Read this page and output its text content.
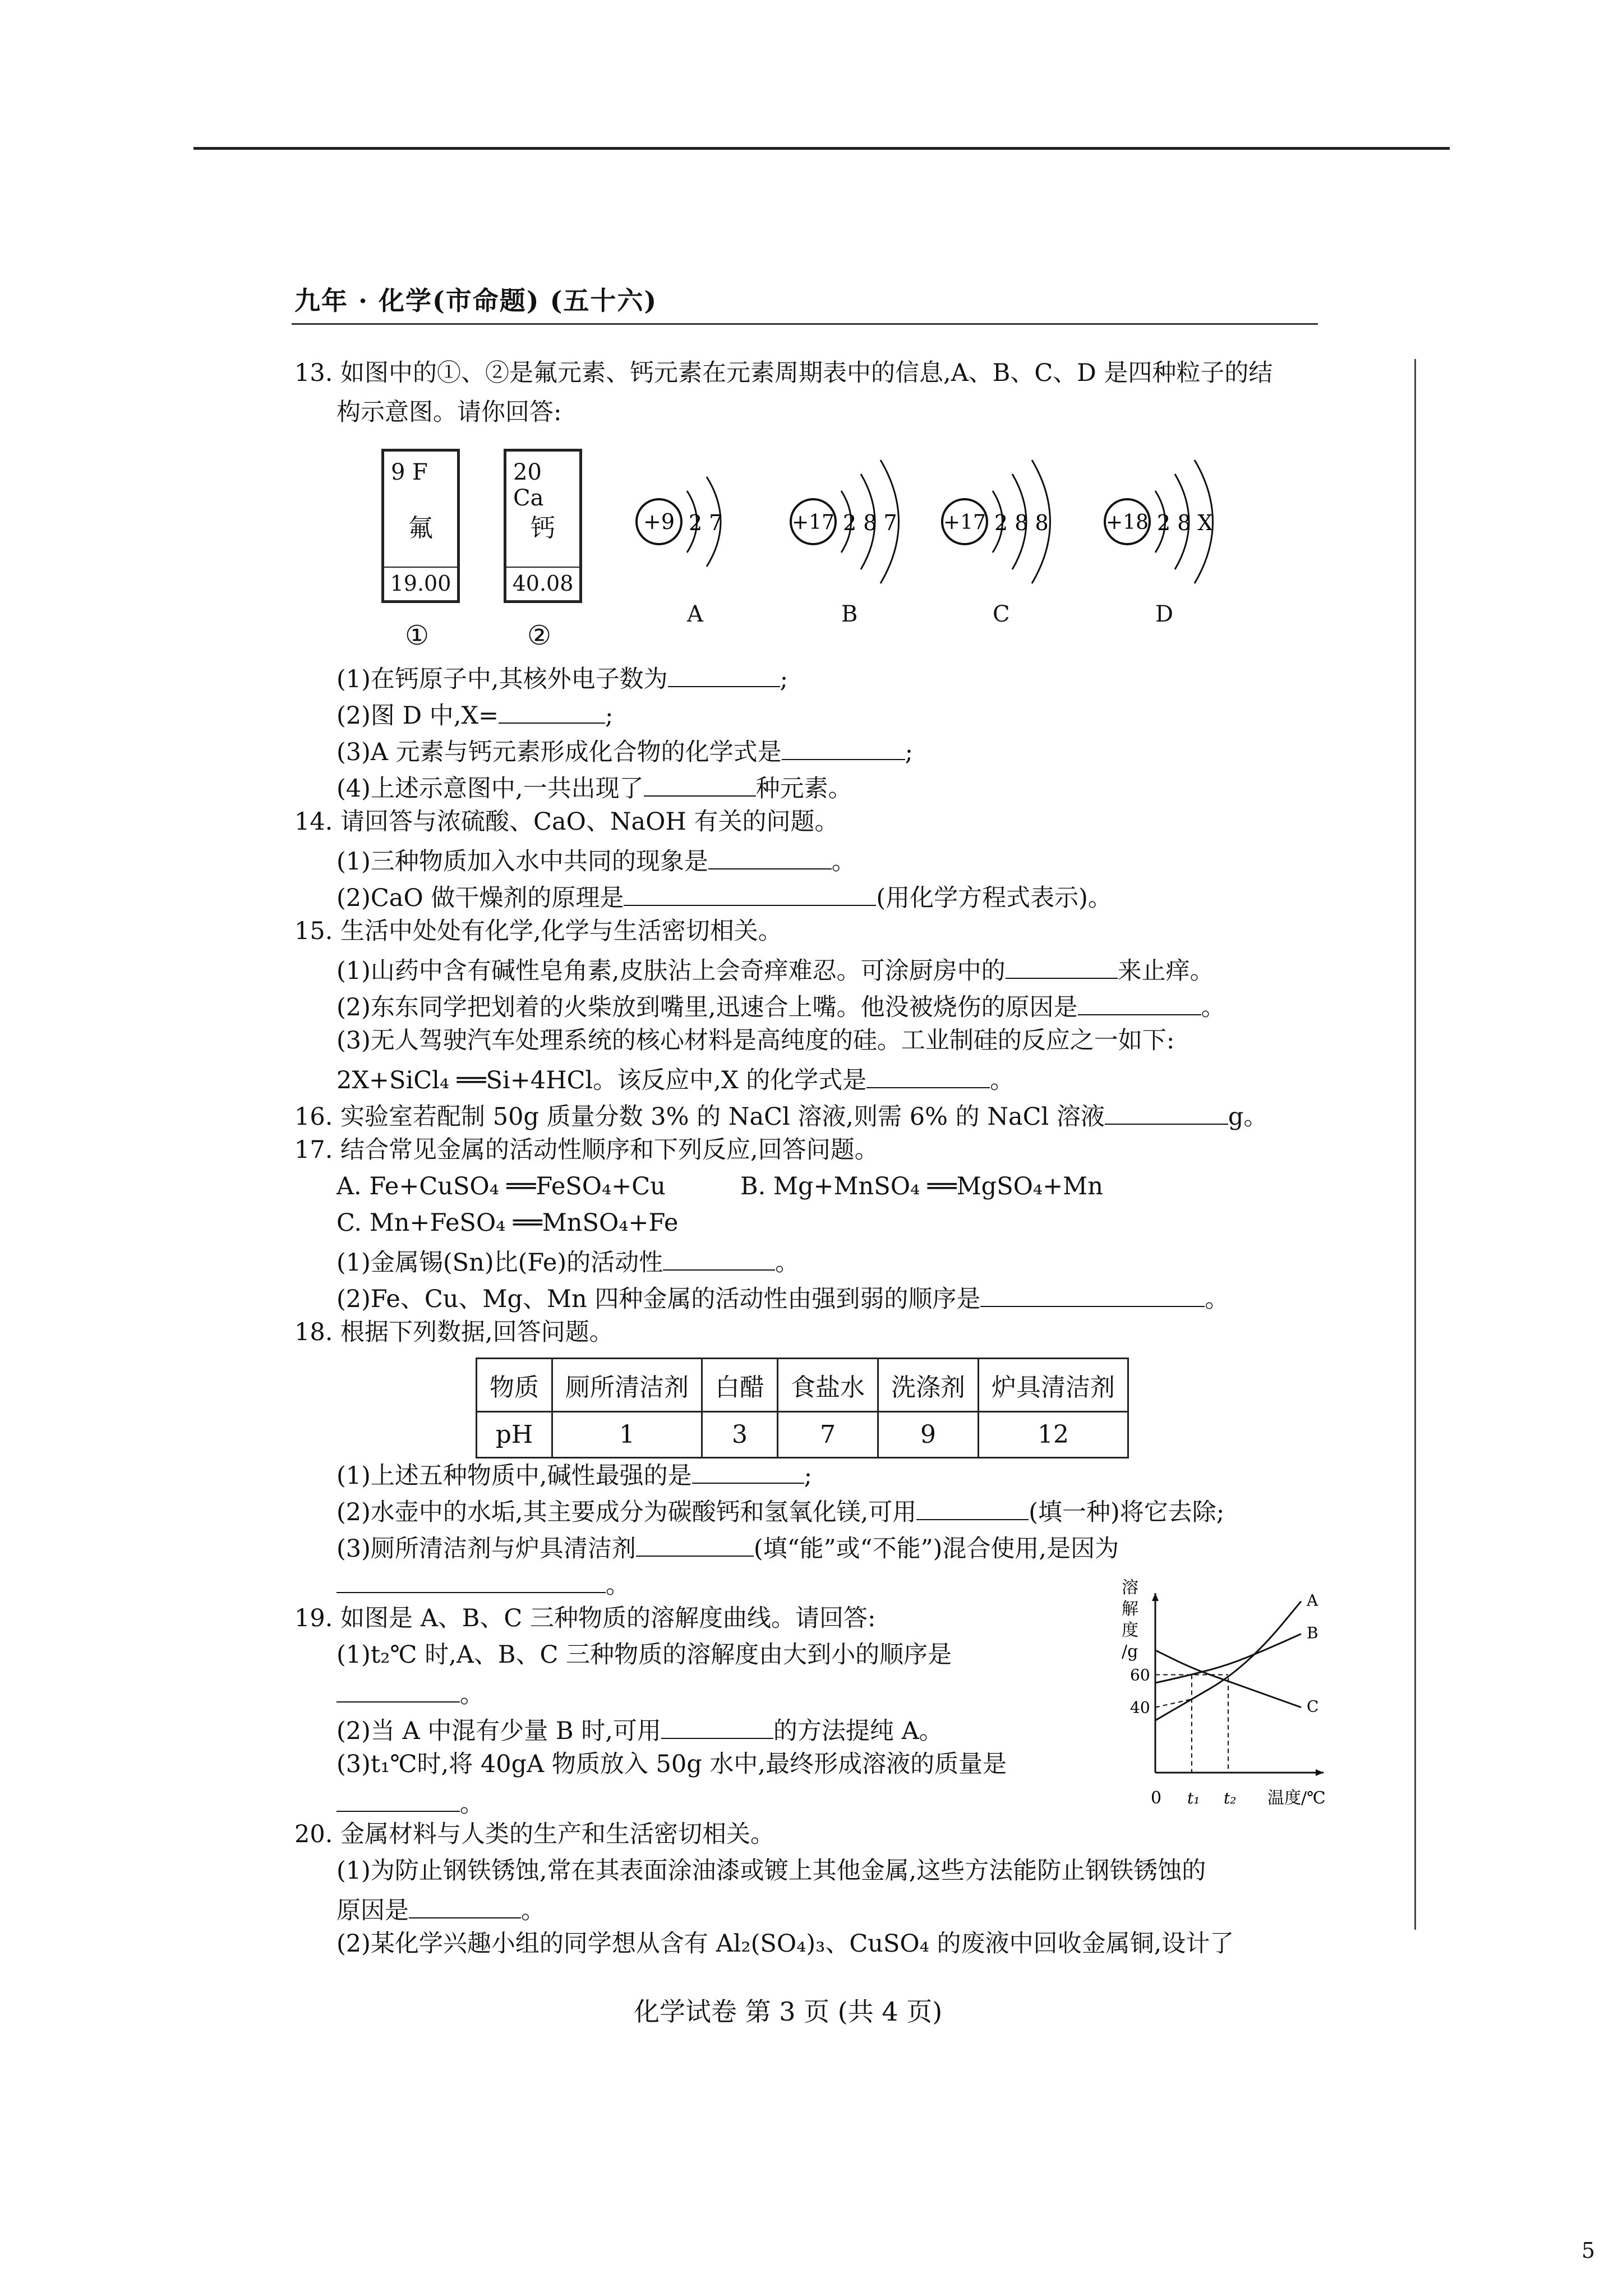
九年 · 化学(市命题) (五十六)
13. 如图中的①、②是氟元素、钙元素在元素周期表中的信息,A、B、C、D 是四种粒子的结
构示意图。请你回答:
9 F
氟
19.00
①
20 Ca
钙
40.08
②
+9 2 7	+17 2 8 7 +17 2 8 8	+18 2 8 X
A	B	C	D
(1)在钙原子中,其核外电子数为	;
(2)图 D 中,X=	;
(3)A 元素与钙元素形成化合物的化学式是	;
(4)上述示意图中,一共出现了	种元素。
14. 请回答与浓硫酸、CaO、NaOH 有关的问题。
(1)三种物质加入水中共同的现象是	。
(2)CaO 做干燥剂的原理是	(用化学方程式表示)。
15. 生活中处处有化学,化学与生活密切相关。
(1)山药中含有碱性皂角素,皮肤沾上会奇痒难忍。可涂厨房中的	来止痒。
(2)东东同学把划着的火柴放到嘴里,迅速合上嘴。他没被烧伤的原因是	。
(3)无人驾驶汽车处理系统的核心材料是高纯度的硅。工业制硅的反应之一如下:
2X+SiCl₄ ══Si+4HCl。该反应中,X 的化学式是	。
16. 实验室若配制 50g 质量分数 3% 的 NaCl 溶液,则需 6% 的 NaCl 溶液	g。
17. 结合常见金属的活动性顺序和下列反应,回答问题。
A. Fe+CuSO₄ ══FeSO₄+Cu	B. Mg+MnSO₄ ══MgSO₄+Mn
C. Mn+FeSO₄ ══MnSO₄+Fe
(1)金属锡(Sn)比(Fe)的活动性	。
(2)Fe、Cu、Mg、Mn 四种金属的活动性由强到弱的顺序是	。
18. 根据下列数据,回答问题。
物质	厕所清洁剂	白醋	食盐水	洗涤剂	炉具清洁剂
pH	1	3	7	9	12
(1)上述五种物质中,碱性最强的是	;
(2)水壶中的水垢,其主要成分为碳酸钙和氢氧化镁,可用	(填一种)将它去除;
(3)厕所清洁剂与炉具清洁剂	(填“能”或“不能”)混合使用,是因为
。
19. 如图是 A、B、C 三种物质的溶解度曲线。请回答:
(1)t₂℃ 时,A、B、C 三种物质的溶解度由大到小的顺序是
。
(2)当 A 中混有少量 B 时,可用	的方法提纯 A。
(3)t₁℃时,将 40gA 物质放入 50g 水中,最终形成溶液的质量是
。
溶
解
度
/g
温度/℃
0 t₁ t₂
40
60
A
B
C
20. 金属材料与人类的生产和生活密切相关。
(1)为防止钢铁锈蚀,常在其表面涂油漆或镀上其他金属,这些方法能防止钢铁锈蚀的
原因是	。
(2)某化学兴趣小组的同学想从含有 Al₂(SO₄)₃、CuSO₄ 的废液中回收金属铜,设计了
化学试卷 第 3 页 (共 4 页)
5
